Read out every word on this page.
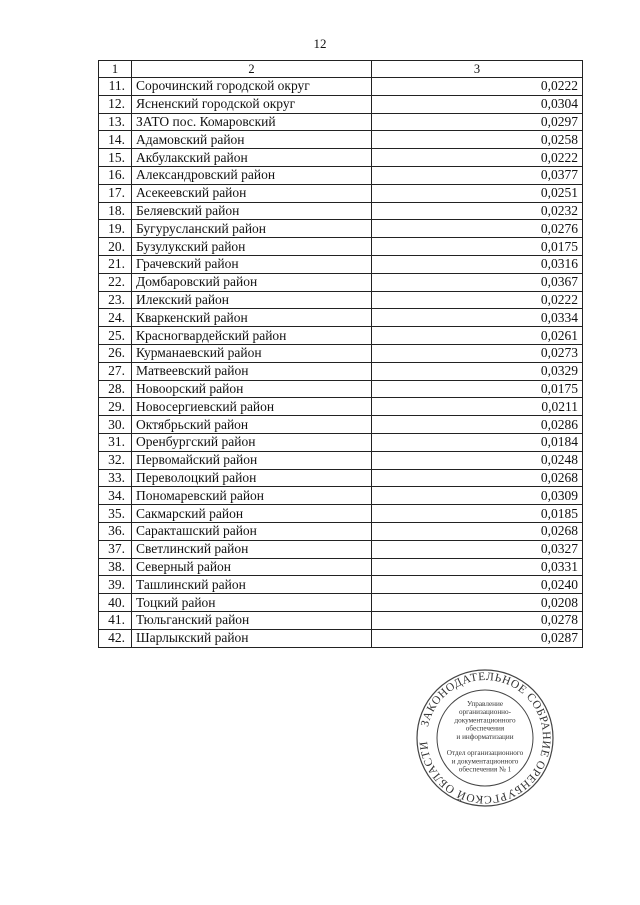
12
1	2	3
11.	Сорочинский городской округ	0,0222
12.	Ясненский городской округ	0,0304
13.	ЗАТО пос. Комаровский	0,0297
14.	Адамовский район	0,0258
15.	Акбулакский район	0,0222
16.	Александровский район	0,0377
17.	Асекеевский район	0,0251
18.	Беляевский район	0,0232
19.	Бугурусланский район	0,0276
20.	Бузулукский район	0,0175
21.	Грачевский район	0,0316
22.	Домбаровский район	0,0367
23.	Илекский район	0,0222
24.	Кваркенский район	0,0334
25.	Красногвардейский район	0,0261
26.	Курманаевский район	0,0273
27.	Матвеевский район	0,0329
28.	Новоорский район	0,0175
29.	Новосергиевский район	0,0211
30.	Октябрьский район	0,0286
31.	Оренбургский район	0,0184
32.	Первомайский район	0,0248
33.	Переволоцкий район	0,0268
34.	Пономаревский район	0,0309
35.	Сакмарский район	0,0185
36.	Саракташский район	0,0268
37.	Светлинский район	0,0327
38.	Северный район	0,0331
39.	Ташлинский район	0,0240
40.	Тоцкий район	0,0208
41.	Тюльганский район	0,0278
42.	Шарлыкский район	0,0287
ЗАКОНОДАТЕЛЬНОЕ СОБРАНИЕ ОРЕНБУРГСКОЙ ОБЛАСТИ
Управление
организационно-
документационного
обеспечения
и информатизации
Отдел организационного
и документационного
обеспечения № 1
